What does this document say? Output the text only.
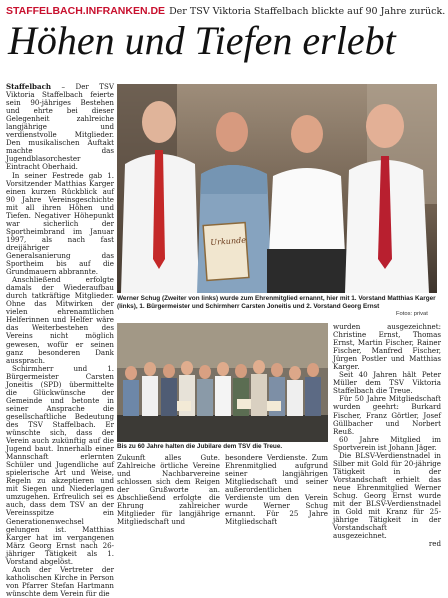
STAFFELBACH.INFRANKEN.DE Der TSV Viktoria Staffelbach blickte auf 90 Jahre zurück.
Höhen und Tiefen erlebt

Staffelbach – Der TSV Viktoria Staffelbach feierte sein 90-jähriges Bestehen und ehrte bei dieser Gelegenheit zahlreiche langjährige und verdienstvolle Mitglieder. Den musikalischen Auftakt machte das Jugendblasorchester Eintracht Oberhaid.

In seiner Festrede gab 1. Vorsitzender Matthias Karger einen kurzen Rückblick auf 90 Jahre Vereinsgeschichte mit all ihren Höhen und Tiefen. Negativer Höhepunkt war sicherlich der Sportheimbrand im Januar 1997, als nach fast dreijähriger Generalsanierung das Sportheim bis auf die Grundmauern abbrannte.

Anschließend erfolgte damals der Wiederaufbau durch tatkräftige Mitglieder. Ohne das Mitwirken der vielen ehrenamtlichen Helferinnen und Helfer wäre das Weiterbestehen des Vereins nicht möglich gewesen, wofür er seinen ganz besonderen Dank aussprach.

Schirmherr und 1. Bürgermeister Carsten Joneitis (SPD) übermittelte die Glückwünsche der Gemeinde und betonte in seiner Ansprache die gesellschaftliche Bedeutung des TSV Staffelbach. Er wünschte sich, dass der Verein auch zukünftig auf die Jugend baut. Innerhalb einer Mannschaft erlernten Schüler und Jugendliche auf spielerische Art und Weise, Regeln zu akzeptieren und mit Siegen und Niederlagen umzugehen. Erfreulich sei es auch, dass dem TSV an der Vereinsspitze ein Generationenwechsel gelungen ist. Matthias Karger hat im vergangenen März Georg Ernst nach 26-jähriger Tätigkeit als 1. Vorstand abgelöst.

Auch der Vertreter der katholischen Kirche in Person von Pfarrer Stefan Hartmann wünschte dem Verein für die

Urkunde
Werner Schug (Zweiter von links) wurde zum Ehrenmitglied ernannt, hier mit 1. Vorstand Matthias Karger (links), 1. Bürgermeister und Schirmherr Carsten Joneitis und 2. Vorstand Georg Ernst
Fotos: privat
Bis zu 60 Jahre halten die Jubilare dem TSV die Treue.

Zukunft alles Gute. Zahlreiche örtliche Vereine und Nachbarvereine schlossen sich dem Reigen der Grußworte an. Abschließend erfolgte die Ehrung zahlreicher Mitglieder für langjährige Mitgliedschaft und

besondere Verdienste. Zum Ehrenmitglied aufgrund seiner langjährigen Mitgliedschaft und seiner außerordentlichen Verdienste um den Verein wurde Werner Schug ernannt. Für 25 Jahre Mitgliedschaft

wurden ausgezeichnet: Christine Ernst, Thomas Ernst, Martin Fischer, Rainer Fischer, Manfred Fischer, Jürgen Postler und Matthias Karger.

Seit 40 Jahren hält Peter Müller dem TSV Viktoria Staffelbach die Treue.

Für 50 Jahre Mitgliedschaft wurden geehrt: Burkard Fischer, Franz Görtler, Josef Güllbacher und Norbert Reuß.

60 Jahre Mitglied im Sportverein ist Johann Jäger.

Die BLSV-Verdienstnadel in Silber mit Gold für 20-jährige Tätigkeit in der Vorstandschaft erhielt das neue Ehrenmitglied Werner Schug. Georg Ernst wurde mit der BLSV-Verdienstnadel in Gold mit Kranz für 25-jährige Tätigkeit in der Vorstandschaft ausgezeichnet.

red
